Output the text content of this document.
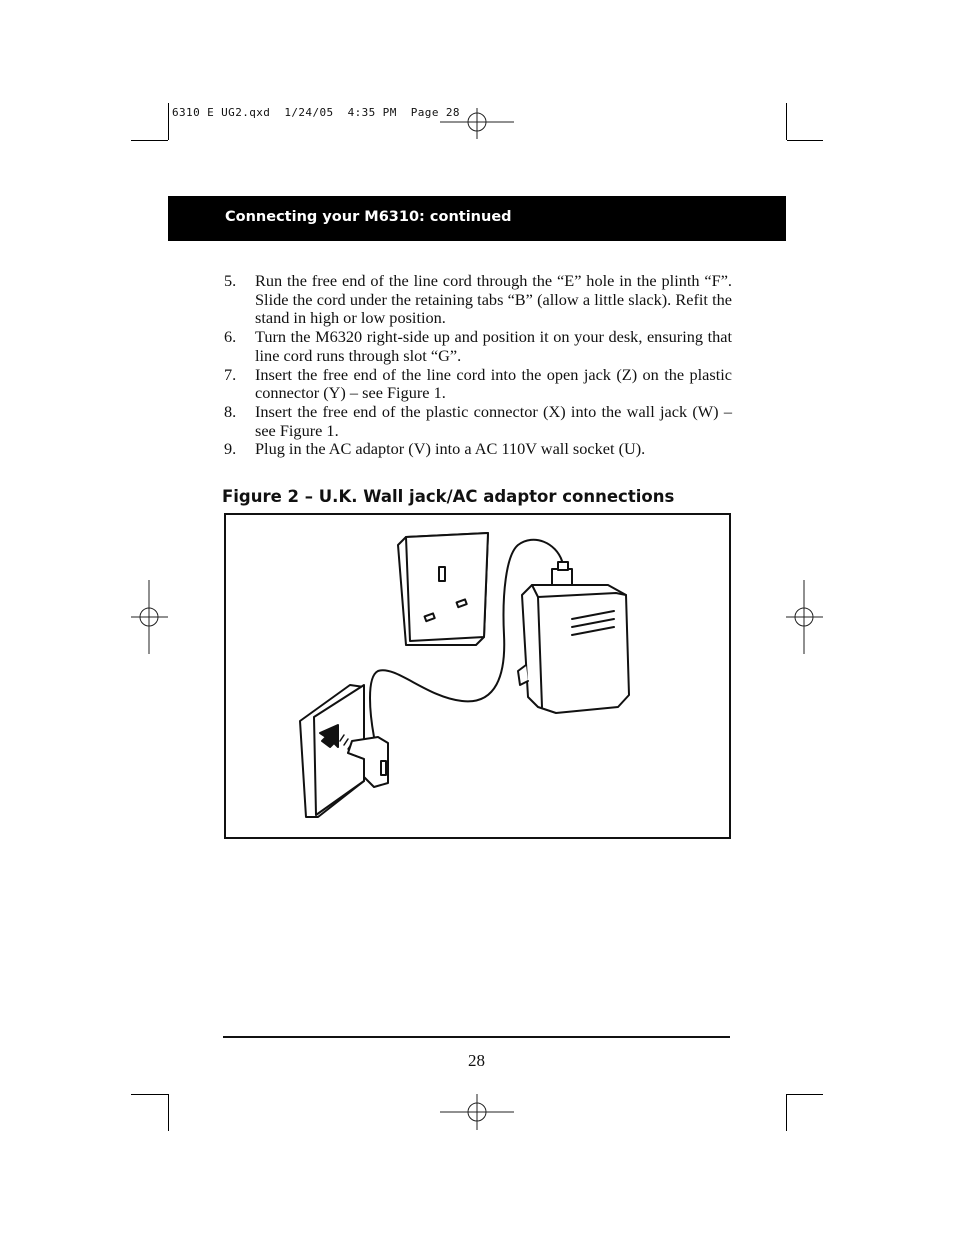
6310 E UG2.qxd  1/24/05  4:35 PM  Page 28
Connecting your M6310: continued
5. Run the free end of the line cord through the “E” hole in the plinth “F”. Slide the cord under the retaining tabs “B” (allow a little slack). Refit the stand in high or low position.
6. Turn the M6320 right-side up and position it on your desk, ensuring that line cord runs through slot “G”.
7. Insert the free end of the line cord into the open jack (Z) on the plastic connector (Y) – see Figure 1.
8. Insert the free end of the plastic connector (X) into the wall jack (W) – see Figure 1.
9. Plug in the AC adaptor (V) into a AC 110V wall socket (U).
Figure 2 – U.K. Wall jack/AC adaptor connections
28
